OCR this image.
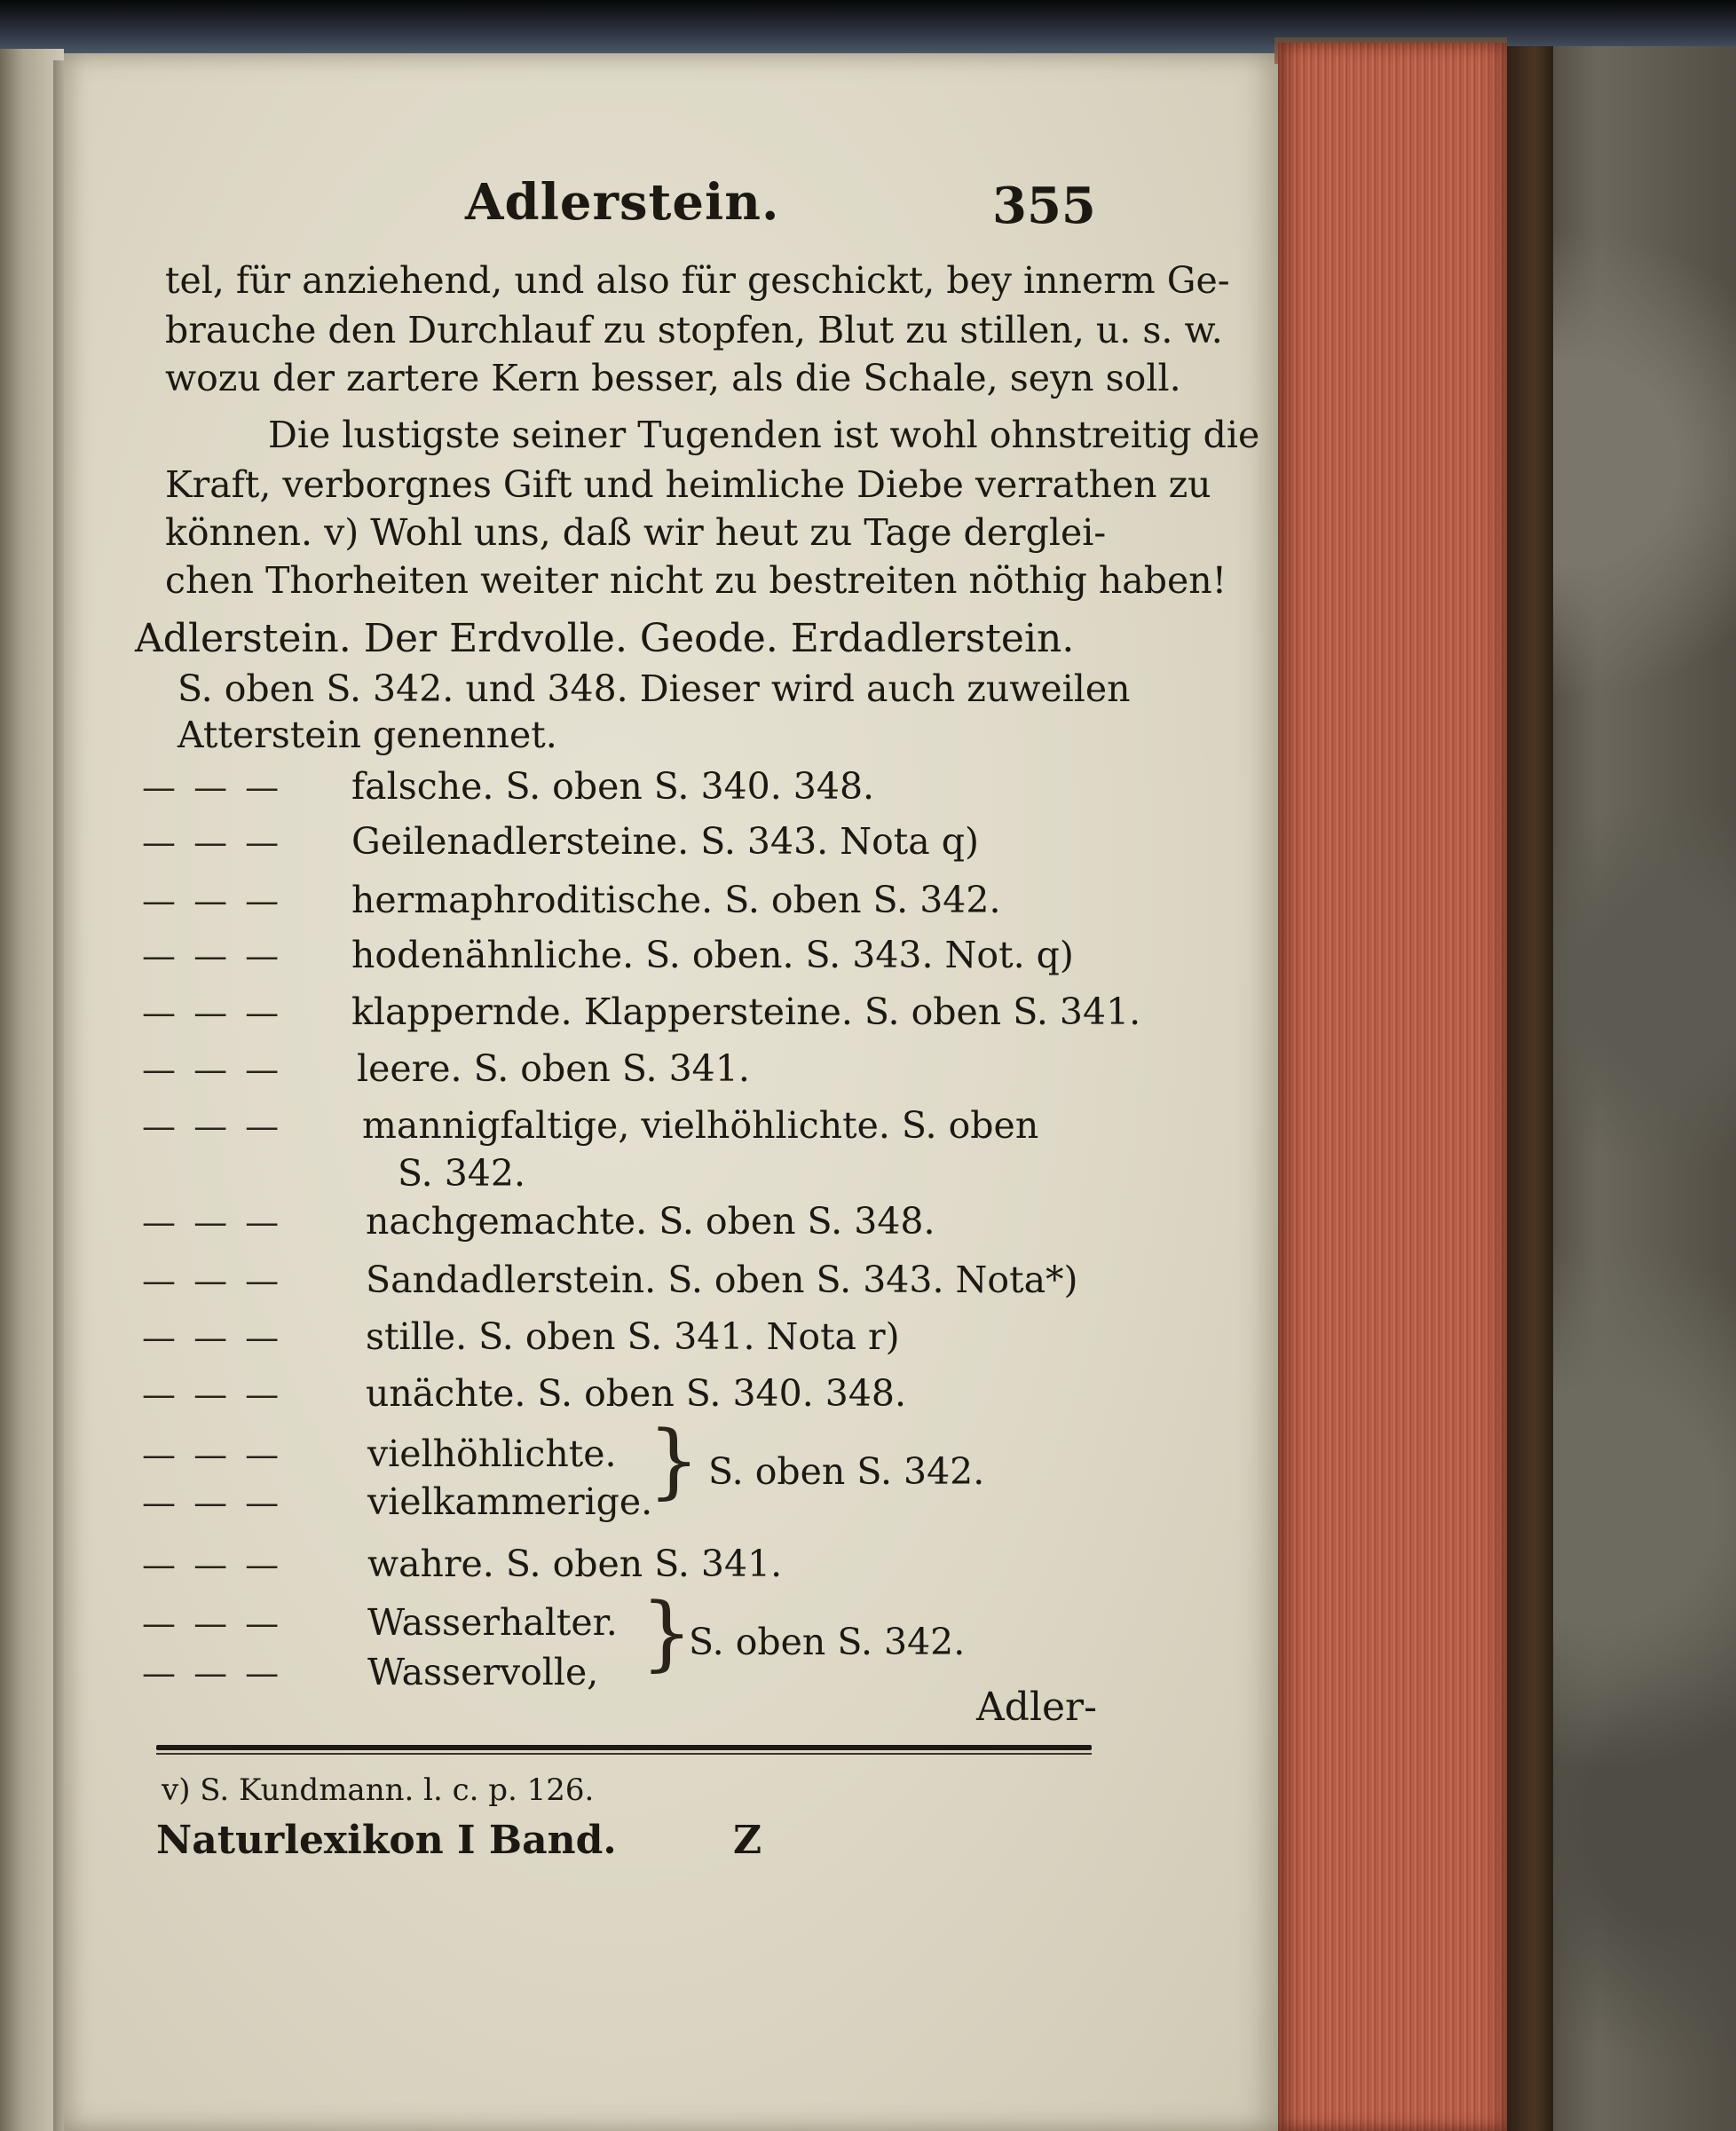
Adlerstein.	355
tel, für anziehend, und also für geschickt, bey innerm Ge-
brauche den Durchlauf zu stopfen, Blut zu stillen, u. s. w.
wozu der zartere Kern besser, als die Schale, seyn soll.
Die lustigste seiner Tugenden ist wohl ohnstreitig die
Kraft, verborgnes Gift und heimliche Diebe verrathen zu
können. v) Wohl uns, daß wir heut zu Tage derglei-
chen Thorheiten weiter nicht zu bestreiten nöthig haben!
Adlerstein. Der Erdvolle. Geode. Erdadlerstein.
S. oben S. 342. und 348. Dieser wird auch zuweilen
Atterstein genennet.
— — — falsche. S. oben S. 340. 348.
— — — Geilenadlersteine. S. 343. Nota q)
— — — hermaphroditische. S. oben S. 342.
— — — hodenähnliche. S. oben. S. 343. Not. q)
— — — klappernde. Klappersteine. S. oben S. 341.
— — — leere. S. oben S. 341.
— — — mannigfaltige, vielhöhlichte. S. oben
S. 342.
— — — nachgemachte. S. oben S. 348.
— — — Sandadlerstein. S. oben S. 343. Nota*)
— — — stille. S. oben S. 341. Nota r)
— — — unächte. S. oben S. 340. 348.
— — — vielhöhlichte.
— — — vielkammerige.
} S. oben S. 342.
— — — wahre. S. oben S. 341.
— — — Wasserhalter.
— — — Wasservolle, }
S. oben S. 342.
Adler-
v) S. Kundmann. l. c. p. 126.
Naturlexikon I Band.	Z
